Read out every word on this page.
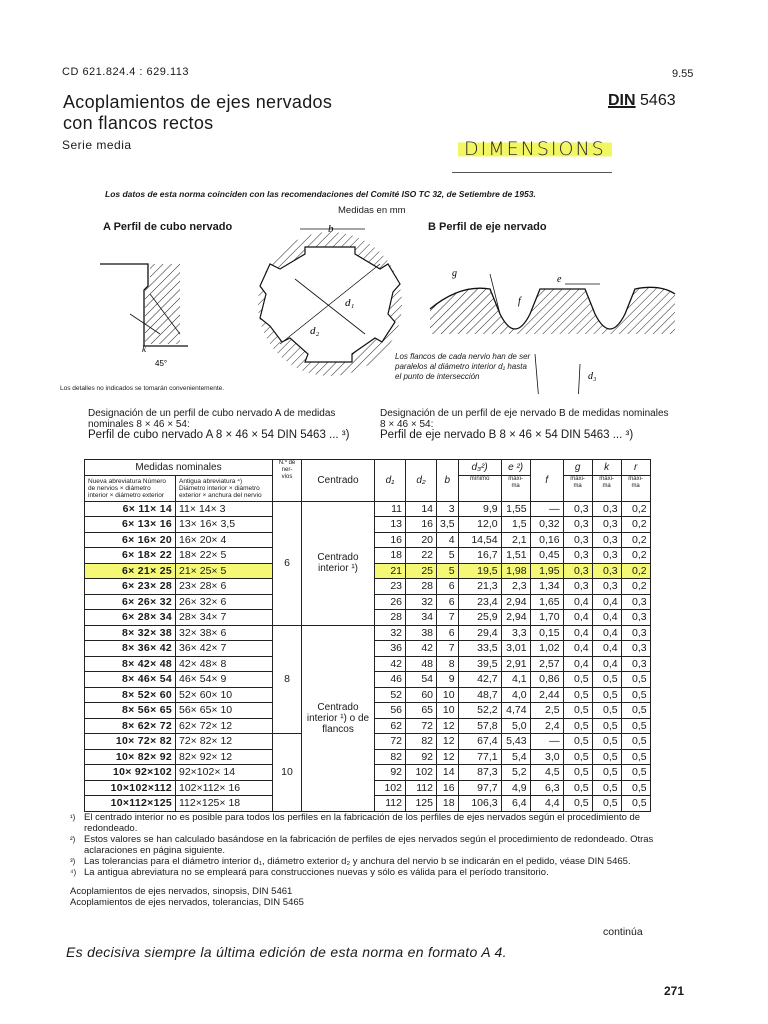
CD 621.824.4 : 629.113	9.55
Acoplamientos de ejes nervados
con flancos rectos
DIN 5463
Serie media	DIMENSIONS
Los datos de esta norma coinciden con las recomendaciones del Comité ISO TC 32, de Setiembre de 1953.
Medidas en mm
A Perfil de cubo nervado	B Perfil de eje nervado
k
45°
b
d₁
d₂
g
e
f
d₃
Los detalles no indicados se tomarán convenientemente.
Los flancos de cada nervio han de ser paralelos al diámetro interior d₁ hasta el punto de intersección
Designación de un perfil de cubo nervado A de medidas nominales 8 × 46 × 54:
Perfil de cubo nervado A 8 × 46 × 54 DIN 5463 ... ³)
Designación de un perfil de eje nervado B de medidas nominales 8 × 46 × 54:
Perfil de eje nervado B 8 × 46 × 54 DIN 5463 ... ³)
Medidas nominales		N.º de ner- vios	Centrado	d₁	d₂	b	d₃²)	e ²)	f	g	k	r
Nueva abreviatura Número de nervios × diámetro interior × diámetro exterior	Antigua abreviatura ⁴) Diámetro interior × diámetro exterior × anchura del nervio						mínimo	máxi- ma		máxi- ma	máxi- ma	máxi- ma
6× 11× 14	11× 14× 3	6	Centrado interior ¹)	11	14	3	9,9	1,55	—	0,3	0,3	0,2
6× 13× 16	13× 16× 3,5			13	16	3,5	12,0	1,5	0,32	0,3	0,3	0,2
6× 16× 20	16× 20× 4			16	20	4	14,54	2,1	0,16	0,3	0,3	0,2
6× 18× 22	18× 22× 5			18	22	5	16,7	1,51	0,45	0,3	0,3	0,2
6× 21× 25	21× 25× 5			21	25	5	19,5	1,98	1,95	0,3	0,3	0,2
6× 23× 28	23× 28× 6			23	28	6	21,3	2,3	1,34	0,3	0,3	0,2
6× 26× 32	26× 32× 6			26	32	6	23,4	2,94	1,65	0,4	0,4	0,3
6× 28× 34	28× 34× 7			28	34	7	25,9	2,94	1,70	0,4	0,4	0,3
8× 32× 38	32× 38× 6	8	Centrado interior ¹) o de flancos	32	38	6	29,4	3,3	0,15	0,4	0,4	0,3
8× 36× 42	36× 42× 7			36	42	7	33,5	3,01	1,02	0,4	0,4	0,3
8× 42× 48	42× 48× 8			42	48	8	39,5	2,91	2,57	0,4	0,4	0,3
8× 46× 54	46× 54× 9			46	54	9	42,7	4,1	0,86	0,5	0,5	0,5
8× 52× 60	52× 60× 10			52	60	10	48,7	4,0	2,44	0,5	0,5	0,5
8× 56× 65	56× 65× 10			56	65	10	52,2	4,74	2,5	0,5	0,5	0,5
8× 62× 72	62× 72× 12			62	72	12	57,8	5,0	2,4	0,5	0,5	0,5
10× 72× 82	72× 82× 12	10		72	82	12	67,4	5,43	—	0,5	0,5	0,5
10× 82× 92	82× 92× 12			82	92	12	77,1	5,4	3,0	0,5	0,5	0,5
10× 92×102	92×102× 14			92	102	14	87,3	5,2	4,5	0,5	0,5	0,5
10×102×112	102×112× 16			102	112	16	97,7	4,9	6,3	0,5	0,5	0,5
10×112×125	112×125× 18			112	125	18	106,3	6,4	4,4	0,5	0,5	0,5
¹) El centrado interior no es posible para todos los perfiles en la fabricación de los perfiles de ejes nervados según el procedimiento de redondeado.
²) Estos valores se han calculado basándose en la fabricación de perfiles de ejes nervados según el procedimiento de redondeado. Otras aclaraciones en página siguiente.
³) Las tolerancias para el diámetro interior d₁, diámetro exterior d₂ y anchura del nervio b se indicarán en el pedido, véase DIN 5465.
⁴) La antigua abreviatura no se empleará para construcciones nuevas y sólo es válida para el período transitorio.
Acoplamientos de ejes nervados, sinopsis, DIN 5461
Acoplamientos de ejes nervados, tolerancias, DIN 5465
continúa
Es decisiva siempre la última edición de esta norma en formato A 4.
271
